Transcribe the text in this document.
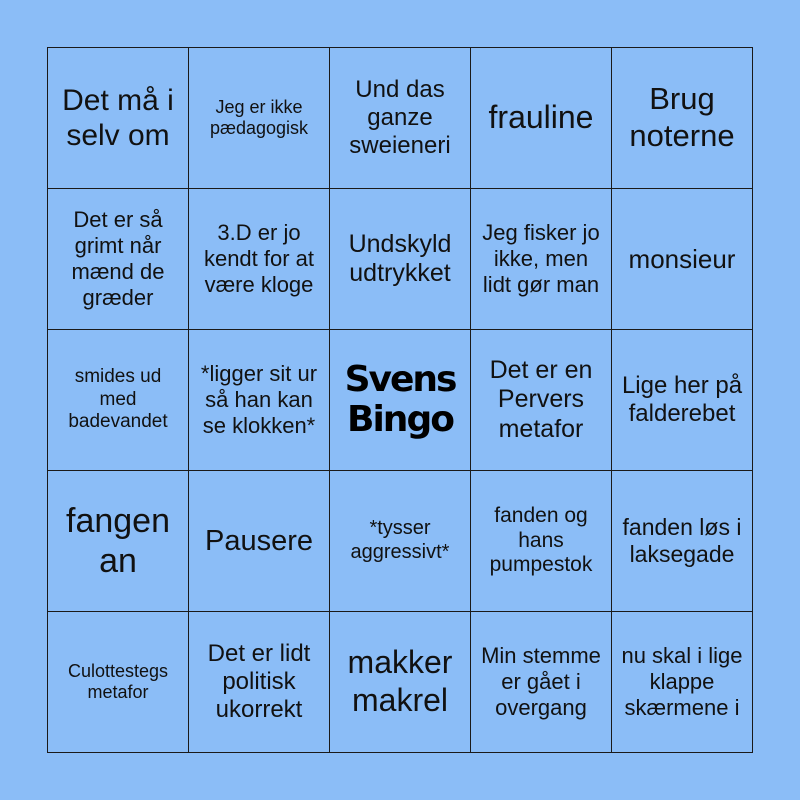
Det må i selv om
Jeg er ikke pædagogisk
Und das ganze sweieneri
frauline
Brug noterne
Det er så grimt når mænd de græder
3.D er jo kendt for at være kloge
Undskyld udtrykket
Jeg fisker jo ikke, men lidt gør man
monsieur
smides ud med badevandet
*ligger sit ur så han kan se klokken*
Svens Bingo
Det er en Pervers metafor
Lige her på falderebet
fangen an
Pausere	*tysser aggressivt*
fanden og hans pumpestok
fanden løs i laksegade
Culottestegs metafor
Det er lidt politisk ukorrekt
makker makrel
Min stemme er gået i overgang
nu skal i lige klappe skærmene i
